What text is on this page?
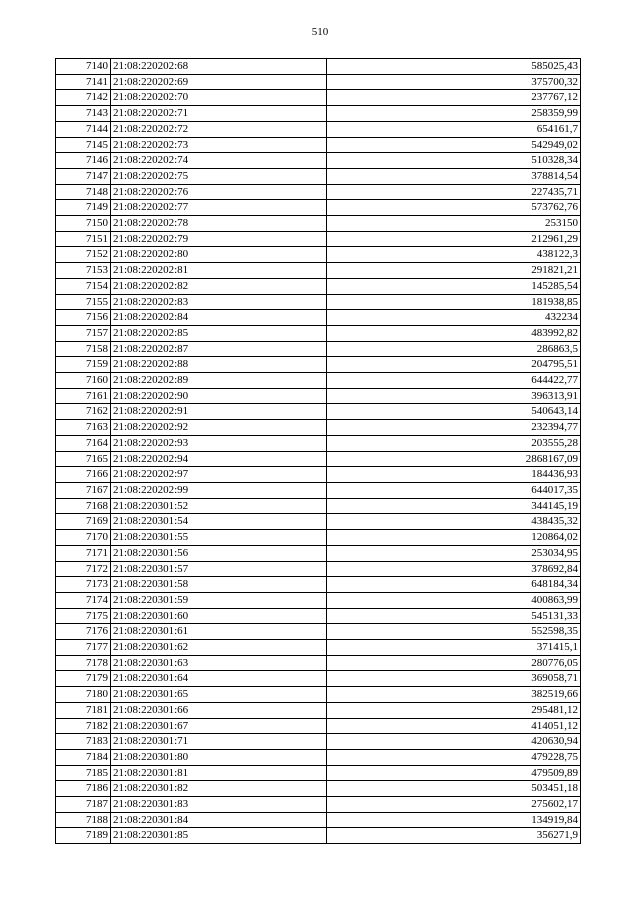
510
7140	21:08:220202:68	585025,43
7141	21:08:220202:69	375700,32
7142	21:08:220202:70	237767,12
7143	21:08:220202:71	258359,99
7144	21:08:220202:72	654161,7
7145	21:08:220202:73	542949,02
7146	21:08:220202:74	510328,34
7147	21:08:220202:75	378814,54
7148	21:08:220202:76	227435,71
7149	21:08:220202:77	573762,76
7150	21:08:220202:78	253150
7151	21:08:220202:79	212961,29
7152	21:08:220202:80	438122,3
7153	21:08:220202:81	291821,21
7154	21:08:220202:82	145285,54
7155	21:08:220202:83	181938,85
7156	21:08:220202:84	432234
7157	21:08:220202:85	483992,82
7158	21:08:220202:87	286863,5
7159	21:08:220202:88	204795,51
7160	21:08:220202:89	644422,77
7161	21:08:220202:90	396313,91
7162	21:08:220202:91	540643,14
7163	21:08:220202:92	232394,77
7164	21:08:220202:93	203555,28
7165	21:08:220202:94	2868167,09
7166	21:08:220202:97	184436,93
7167	21:08:220202:99	644017,35
7168	21:08:220301:52	344145,19
7169	21:08:220301:54	438435,32
7170	21:08:220301:55	120864,02
7171	21:08:220301:56	253034,95
7172	21:08:220301:57	378692,84
7173	21:08:220301:58	648184,34
7174	21:08:220301:59	400863,99
7175	21:08:220301:60	545131,33
7176	21:08:220301:61	552598,35
7177	21:08:220301:62	371415,1
7178	21:08:220301:63	280776,05
7179	21:08:220301:64	369058,71
7180	21:08:220301:65	382519,66
7181	21:08:220301:66	295481,12
7182	21:08:220301:67	414051,12
7183	21:08:220301:71	420630,94
7184	21:08:220301:80	479228,75
7185	21:08:220301:81	479509,89
7186	21:08:220301:82	503451,18
7187	21:08:220301:83	275602,17
7188	21:08:220301:84	134919,84
7189	21:08:220301:85	356271,9
